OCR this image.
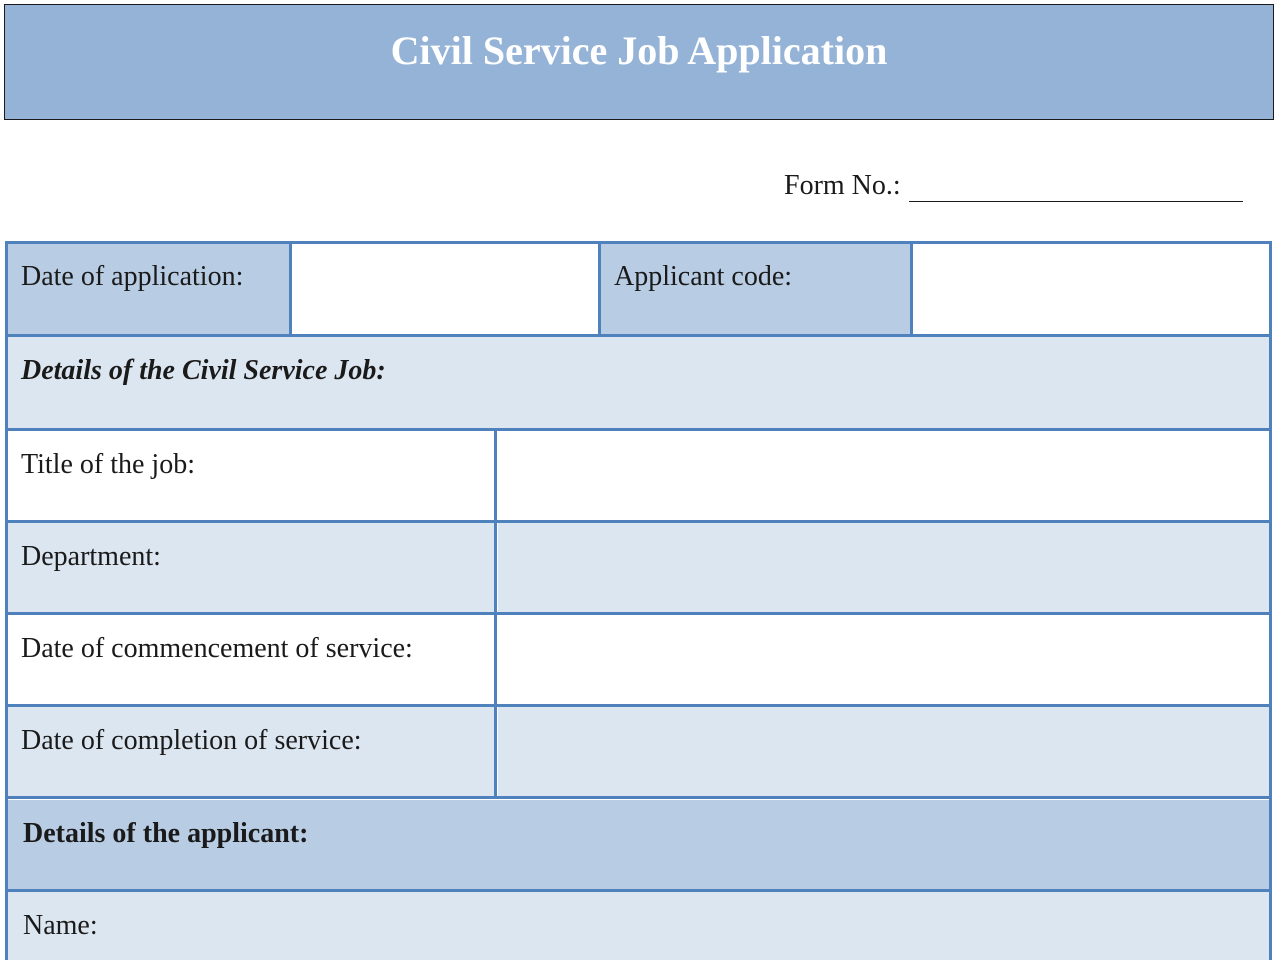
Civil Service Job Application
Form No.:
Date of application:	Applicant code:
Details of the Civil Service Job:
Title of the job:
Department:
Date of commencement of service:
Date of completion of service:
Details of the applicant:
Name:
